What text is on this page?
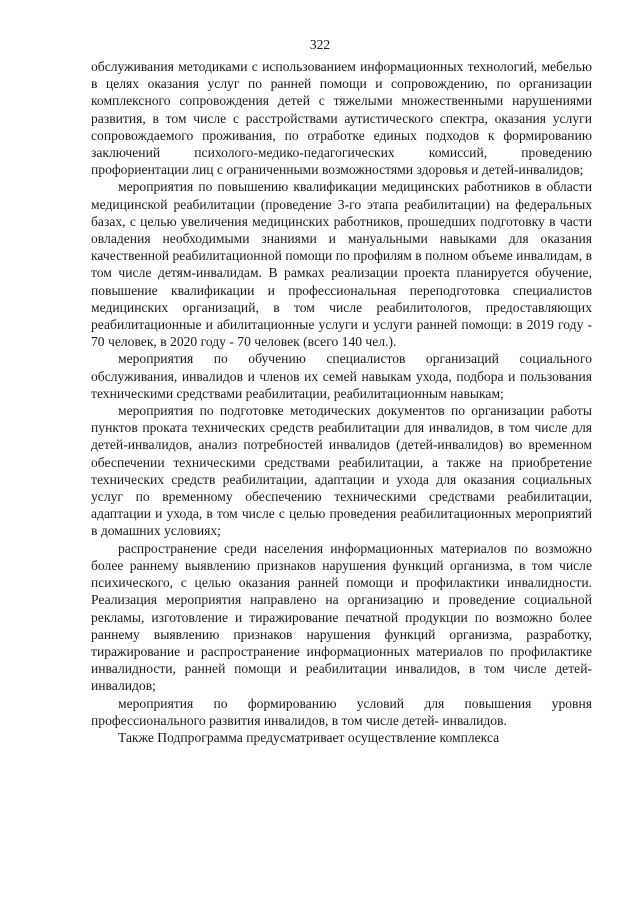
322

обслуживания методиками с использованием информационных технологий, мебелью в целях оказания услуг по ранней помощи и сопровождению, по организации комплексного сопровождения детей с тяжелыми множественными нарушениями развития, в том числе с расстройствами аутистического спектра, оказания услуги сопровождаемого проживания, по отработке единых подходов к формированию заключений психолого-медико-педагогических комиссий, проведению профориентации лиц с ограниченными возможностями здоровья и детей-инвалидов;

мероприятия по повышению квалификации медицинских работников в области медицинской реабилитации (проведение 3-го этапа реабилитации) на федеральных базах, с целью увеличения медицинских работников, прошедших подготовку в части овладения необходимыми знаниями и мануальными навыками для оказания качественной реабилитационной помощи по профилям в полном объеме инвалидам, в том числе детям-инвалидам. В рамках реализации проекта планируется обучение, повышение квалификации и профессиональная переподготовка специалистов медицинских организаций, в том числе реабилитологов, предоставляющих реабилитационные и абилитационные услуги и услуги ранней помощи: в 2019 году - 70 человек, в 2020 году - 70 человек (всего 140 чел.).

мероприятия по обучению специалистов организаций социального обслуживания, инвалидов и членов их семей навыкам ухода, подбора и пользования техническими средствами реабилитации, реабилитационным навыкам;

мероприятия по подготовке методических документов по организации работы пунктов проката технических средств реабилитации для инвалидов, в том числе для детей-инвалидов, анализ потребностей инвалидов (детей-инвалидов) во временном обеспечении техническими средствами реабилитации, а также на приобретение технических средств реабилитации, адаптации и ухода для оказания социальных услуг по временному обеспечению техническими средствами реабилитации, адаптации и ухода, в том числе с целью проведения реабилитационных мероприятий в домашних условиях;

распространение среди населения информационных материалов по возможно более раннему выявлению признаков нарушения функций организма, в том числе психического, с целью оказания ранней помощи и профилактики инвалидности. Реализация мероприятия направлено на организацию и проведение социальной рекламы, изготовление и тиражирование печатной продукции по возможно более раннему выявлению признаков нарушения функций организма, разработку, тиражирование и распространение информационных материалов по профилактике инвалидности, ранней помощи и реабилитации инвалидов, в том числе детей-инвалидов;

мероприятия по формированию условий для повышения уровня профессионального развития инвалидов, в том числе детей- инвалидов.

Также Подпрограмма предусматривает осуществление комплекса
